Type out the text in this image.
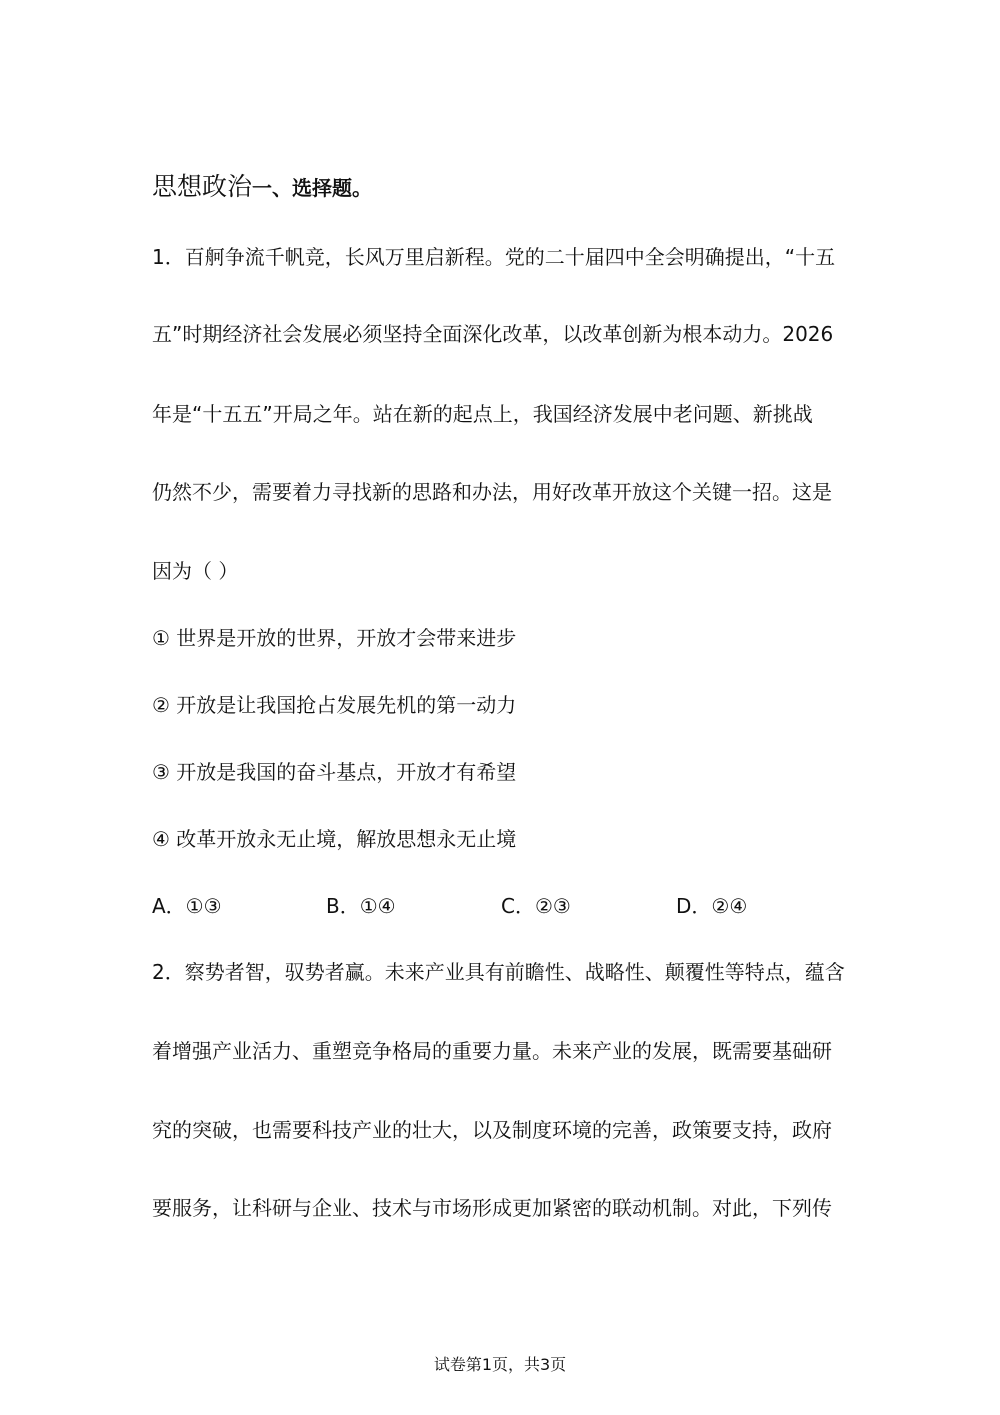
思想政治一、选择题。
1．百舸争流千帆竞，长风万里启新程。党的二十届四中全会明确提出，“十五
五”时期经济社会发展必须坚持全面深化改革，以改革创新为根本动力。2026
年是“十五五”开局之年。站在新的起点上，我国经济发展中老问题、新挑战
仍然不少，需要着力寻找新的思路和办法，用好改革开放这个关键一招。这是
因为（ ）
① 世界是开放的世界，开放才会带来进步
② 开放是让我国抢占发展先机的第一动力
③ 开放是我国的奋斗基点，开放才有希望
④ 改革开放永无止境，解放思想永无止境
A．①③	B．①④	C．②③	D．②④
2．察势者智，驭势者赢。未来产业具有前瞻性、战略性、颠覆性等特点，蕴含
着增强产业活力、重塑竞争格局的重要力量。未来产业的发展，既需要基础研
究的突破，也需要科技产业的壮大，以及制度环境的完善，政策要支持，政府
要服务，让科研与企业、技术与市场形成更加紧密的联动机制。对此，下列传
试卷第1页，共3页
